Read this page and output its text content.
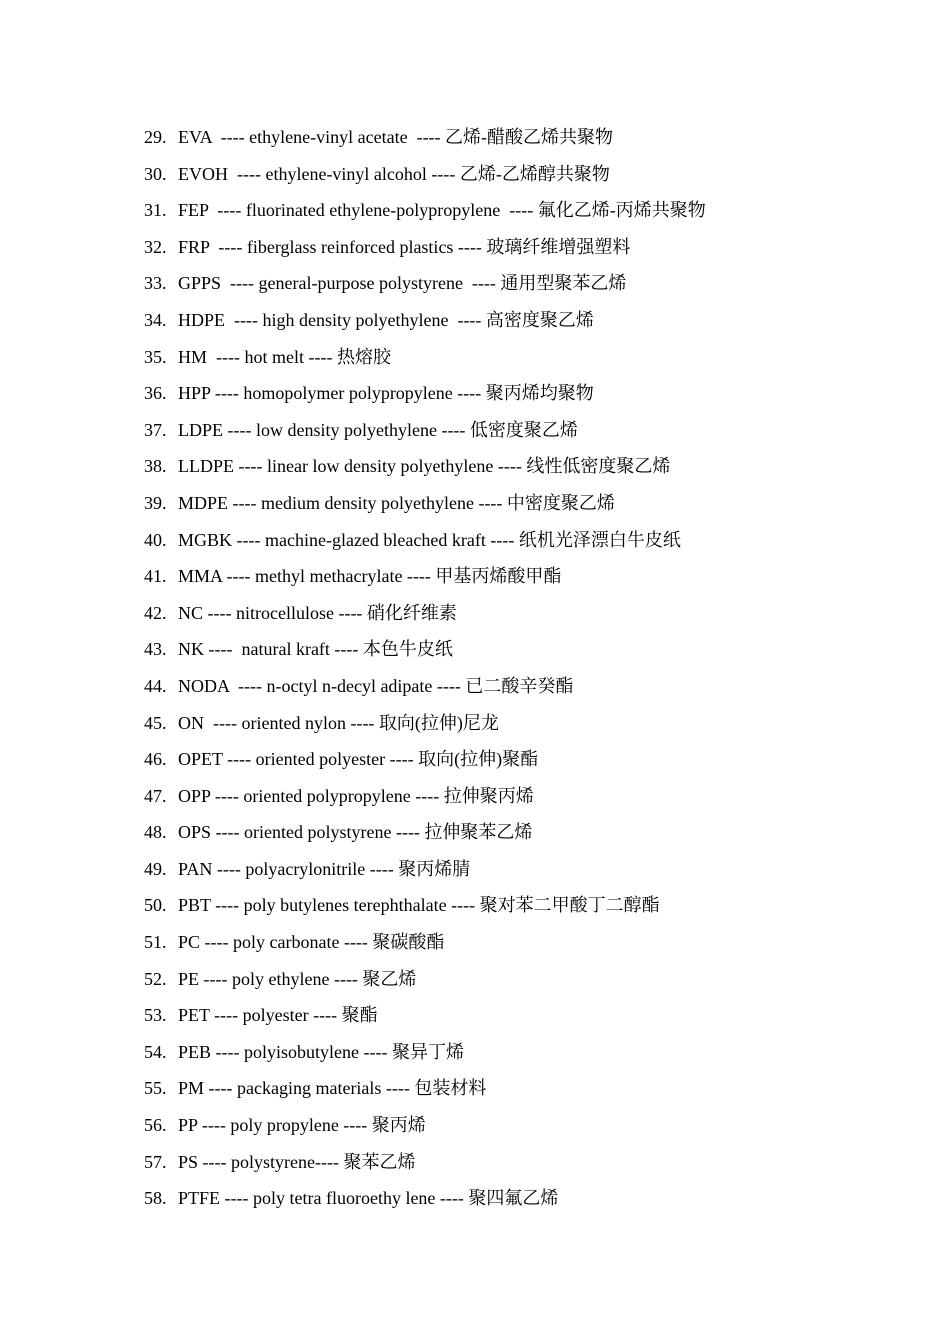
29. EVA  ---- ethylene-vinyl acetate  ---- 乙烯-醋酸乙烯共聚物
30. EVOH  ---- ethylene-vinyl alcohol ---- 乙烯-乙烯醇共聚物
31. FEP  ---- fluorinated ethylene-polypropylene  ---- 氟化乙烯-丙烯共聚物
32. FRP  ---- fiberglass reinforced plastics ---- 玻璃纤维增强塑料
33. GPPS  ---- general-purpose polystyrene  ---- 通用型聚苯乙烯
34. HDPE  ---- high density polyethylene  ---- 高密度聚乙烯
35. HM  ---- hot melt ---- 热熔胶
36. HPP ---- homopolymer polypropylene ---- 聚丙烯均聚物
37. LDPE ---- low density polyethylene ---- 低密度聚乙烯
38. LLDPE ---- linear low density polyethylene ---- 线性低密度聚乙烯
39. MDPE ---- medium density polyethylene ---- 中密度聚乙烯
40. MGBK ---- machine-glazed bleached kraft ---- 纸机光泽漂白牛皮纸
41. MMA ---- methyl methacrylate ---- 甲基丙烯酸甲酯
42. NC ---- nitrocellulose ---- 硝化纤维素
43. NK ----  natural kraft ---- 本色牛皮纸
44. NODA  ---- n-octyl n-decyl adipate ---- 已二酸辛癸酯
45. ON  ---- oriented nylon ---- 取向(拉伸)尼龙
46. OPET ---- oriented polyester ---- 取向(拉伸)聚酯
47. OPP ---- oriented polypropylene ---- 拉伸聚丙烯
48. OPS ---- oriented polystyrene ---- 拉伸聚苯乙烯
49. PAN ---- polyacrylonitrile ---- 聚丙烯腈
50. PBT ---- poly butylenes terephthalate ---- 聚对苯二甲酸丁二醇酯
51. PC ---- poly carbonate ---- 聚碳酸酯
52. PE ---- poly ethylene ---- 聚乙烯
53. PET ---- polyester ---- 聚酯
54. PEB ---- polyisobutylene ---- 聚异丁烯
55. PM ---- packaging materials ---- 包装材料
56. PP ---- poly propylene ---- 聚丙烯
57. PS ---- polystyrene---- 聚苯乙烯
58. PTFE ---- poly tetra fluoroethy lene ---- 聚四氟乙烯
